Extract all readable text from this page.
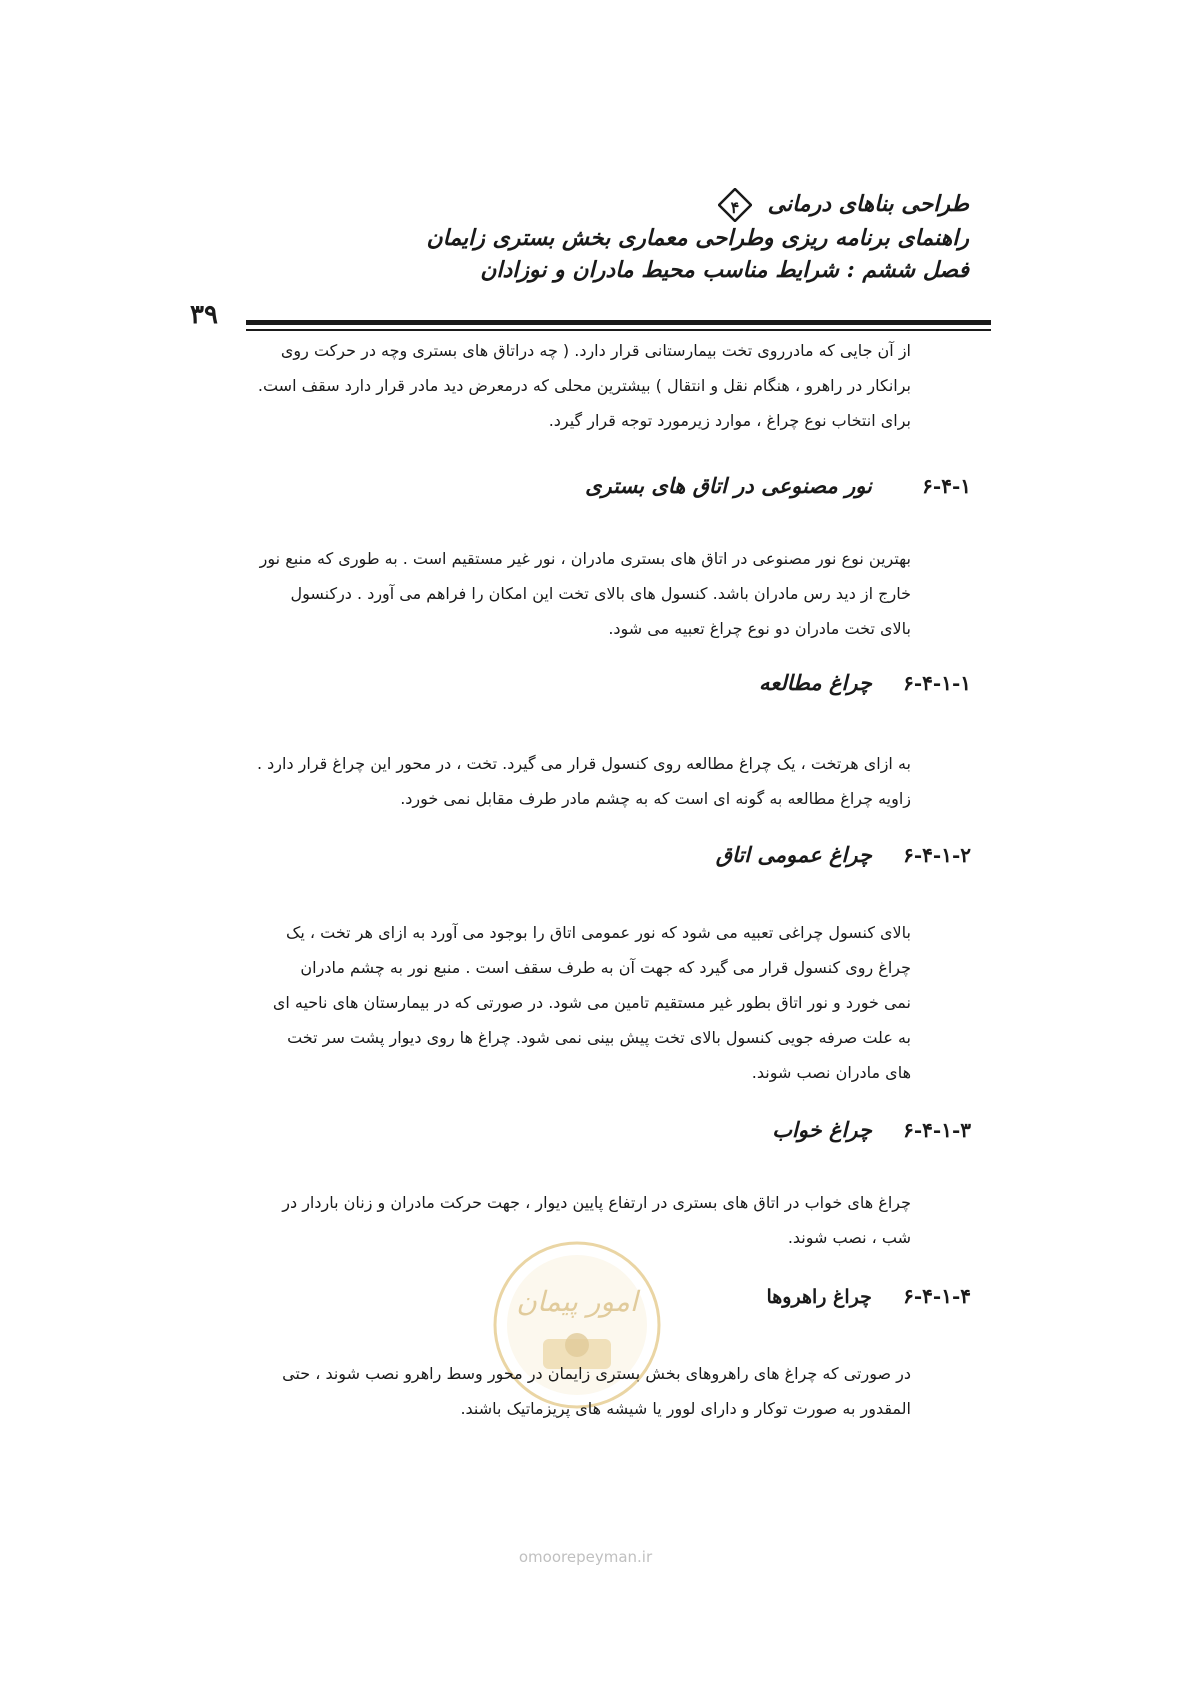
طراحی بناهای درمانی
۴
راهنمای برنامه ریزی وطراحی معماری بخش بستری زایمان
فصل ششم : شرایط مناسب محیط مادران و نوزادان
۳۹
از آن جایی که مادرروی تخت بیمارستانی قرار دارد. ( چه دراتاق های بستری وچه در حرکت روی
برانکار در راهرو ، هنگام نقل و انتقال ) بیشترین محلی که درمعرض دید مادر قرار دارد سقف است.
برای انتخاب نوع چراغ ، موارد زیرمورد توجه قرار گیرد.
۶-۴-۱ نور مصنوعی در اتاق های بستری
بهترین نوع نور مصنوعی در اتاق های بستری مادران ، نور غیر مستقیم است . به طوری که منبع نور
خارج از دید رس مادران باشد. کنسول های بالای تخت این امکان را فراهم می آورد . درکنسول
بالای تخت مادران دو نوع چراغ تعبیه می شود.
۶-۴-۱-۱ چراغ مطالعه
به ازای هرتخت ، یک چراغ مطالعه روی کنسول قرار می گیرد. تخت ، در محور این چراغ قرار دارد .
زاویه چراغ مطالعه به گونه ای است که به چشم مادر طرف مقابل نمی خورد.
۶-۴-۱-۲ چراغ عمومی اتاق
بالای کنسول چراغی تعبیه می شود که نور عمومی اتاق را بوجود می آورد به ازای هر تخت ، یک
چراغ روی کنسول قرار می گیرد که جهت آن به طرف سقف است . منبع نور به چشم مادران
نمی خورد و نور اتاق بطور غیر مستقیم تامین می شود. در صورتی که در بیمارستان های ناحیه ای
به علت صرفه جویی کنسول بالای تخت پیش بینی نمی شود. چراغ ها روی دیوار پشت سر تخت
های مادران نصب شوند.
۶-۴-۱-۳ چراغ خواب
چراغ های خواب در اتاق های بستری در ارتفاع پایین دیوار ، جهت حرکت مادران و زنان باردار در
شب ، نصب شوند.
۶-۴-۱-۴ چراغ راهروها
امور پیمان
در صورتی که چراغ های راهروهای بخش بستری زایمان در محور وسط راهرو نصب شوند ، حتی
المقدور به صورت توکار و دارای لوور یا شیشه های پریزماتیک باشند.
omoorepeyman.ir
